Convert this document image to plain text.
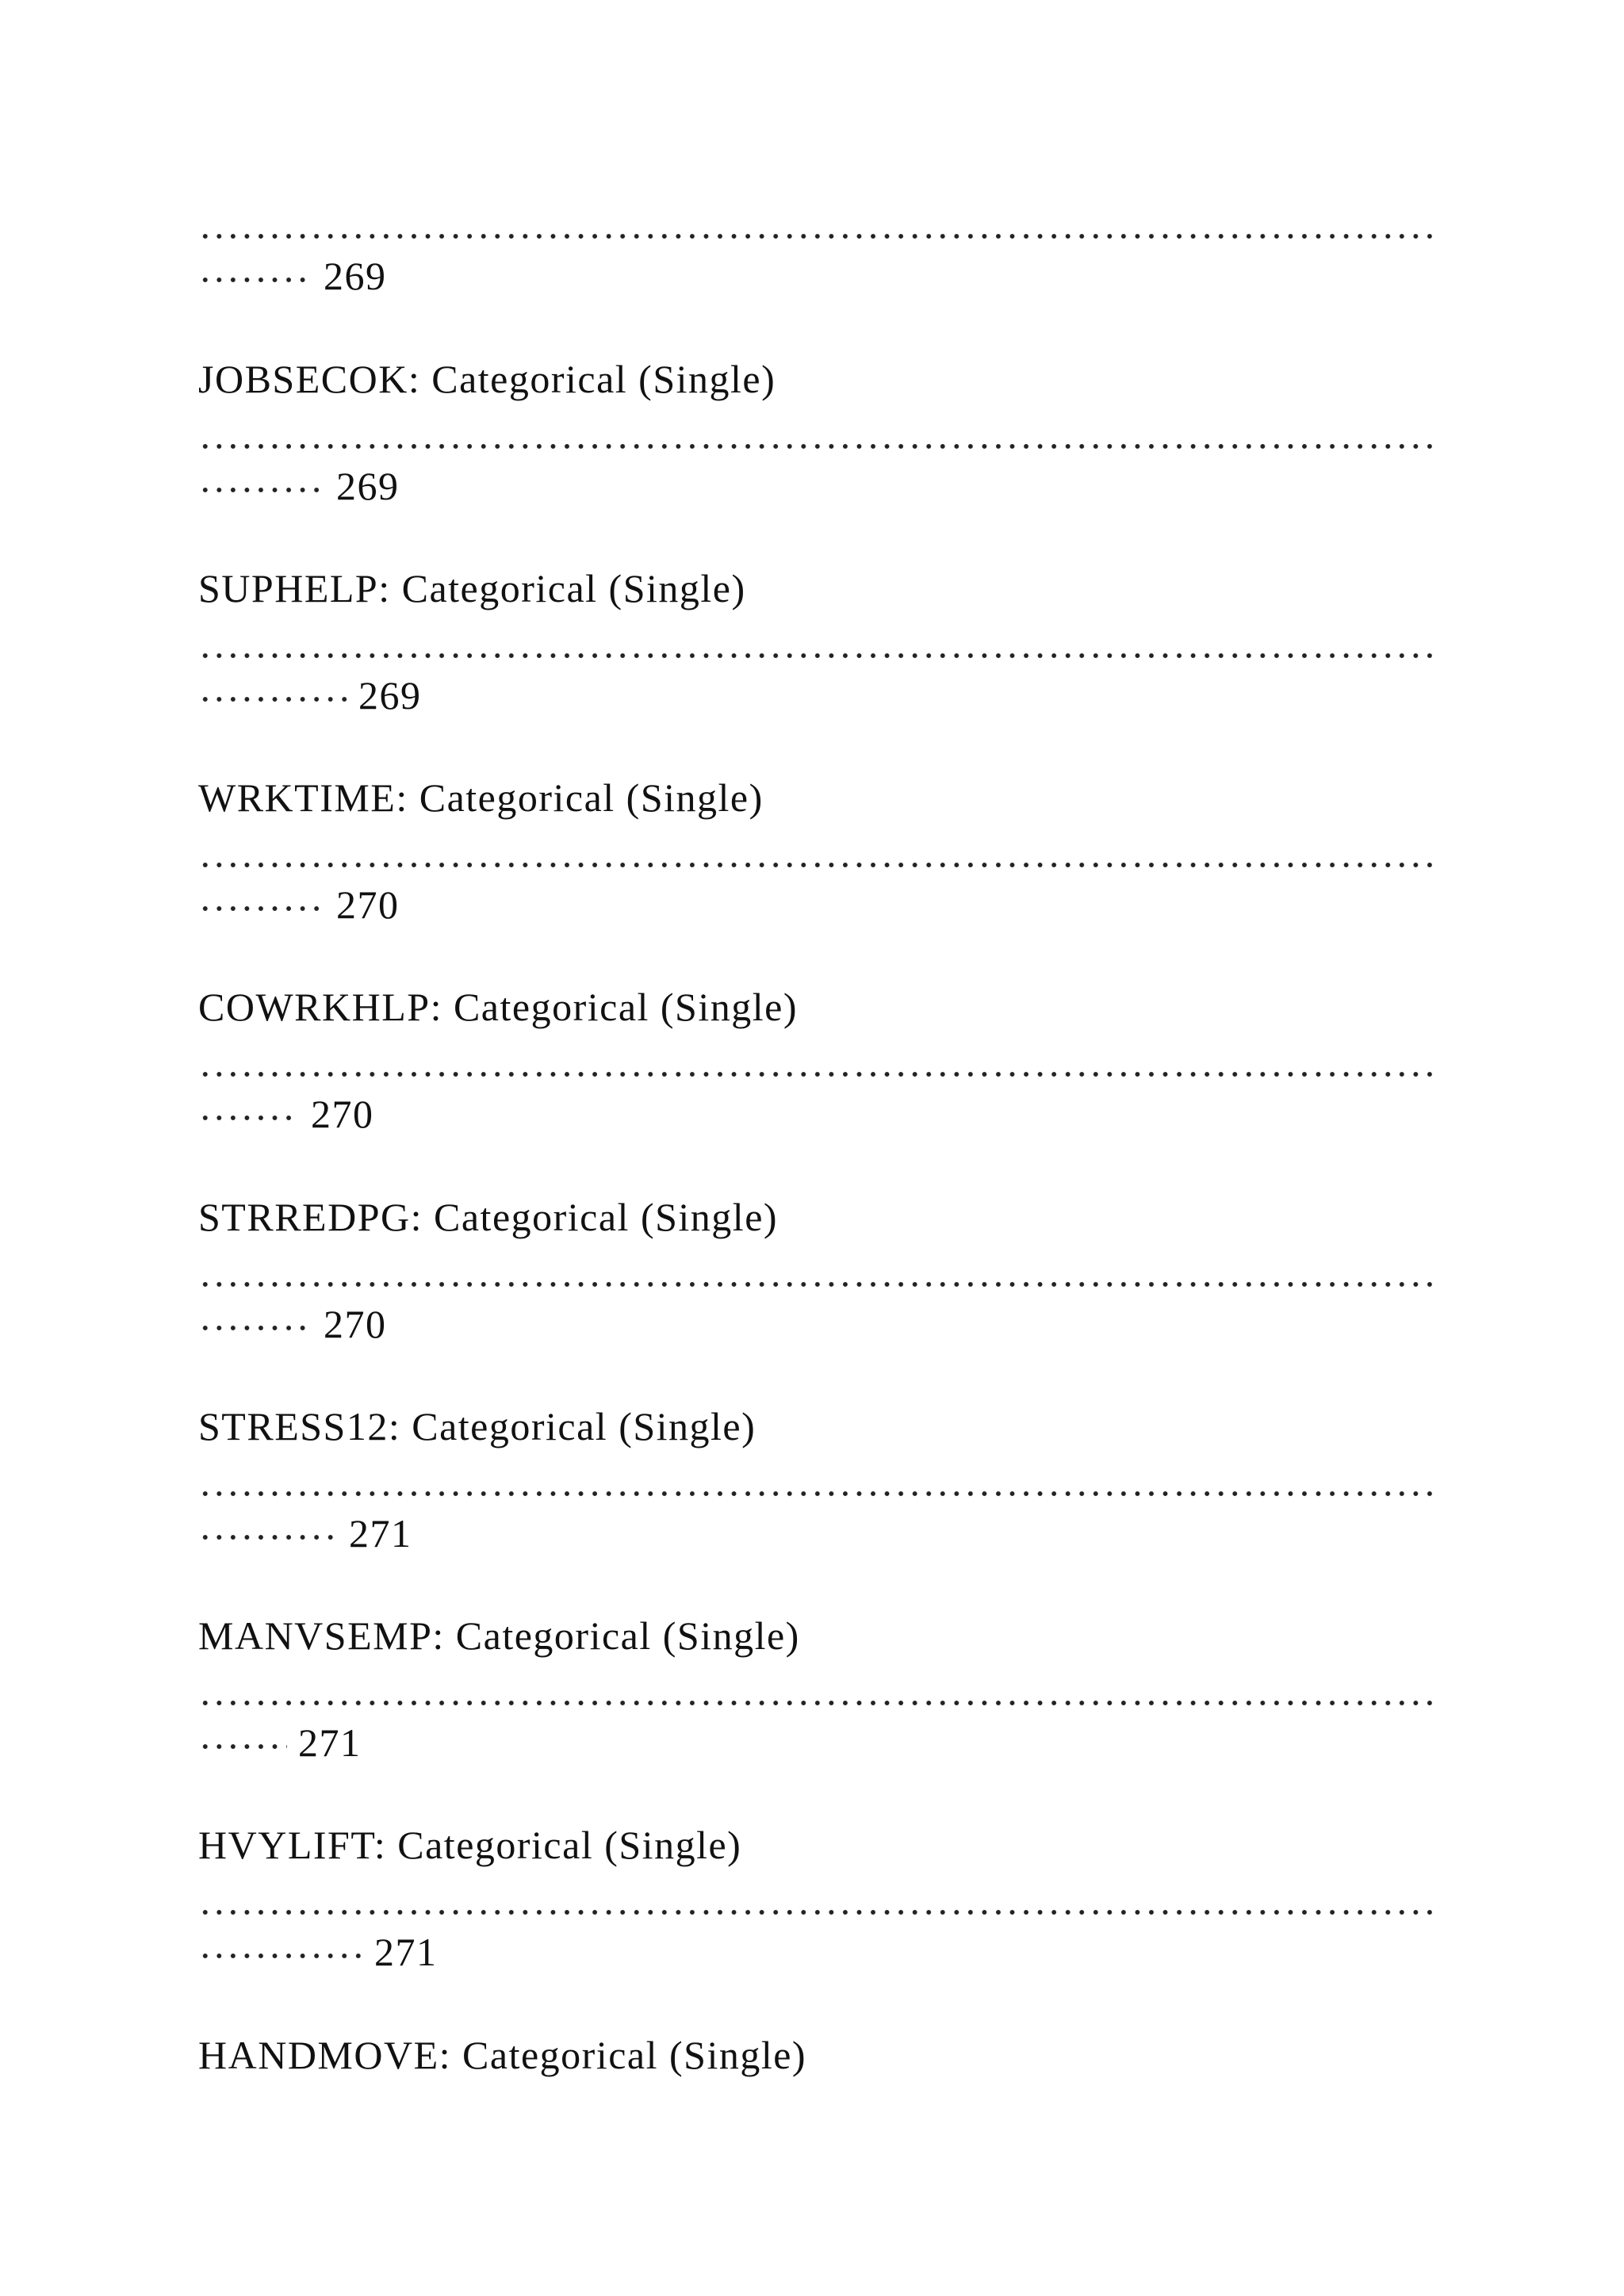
269
JOBSECOK: Categorical (Single)
269
SUPHELP: Categorical (Single)
269
WRKTIME: Categorical (Single)
270
COWRKHLP: Categorical (Single)
270
STRREDPG: Categorical (Single)
270
STRESS12: Categorical (Single)
271
MANVSEMP: Categorical (Single)
271
HVYLIFT: Categorical (Single)
271
HANDMOVE: Categorical (Single)
